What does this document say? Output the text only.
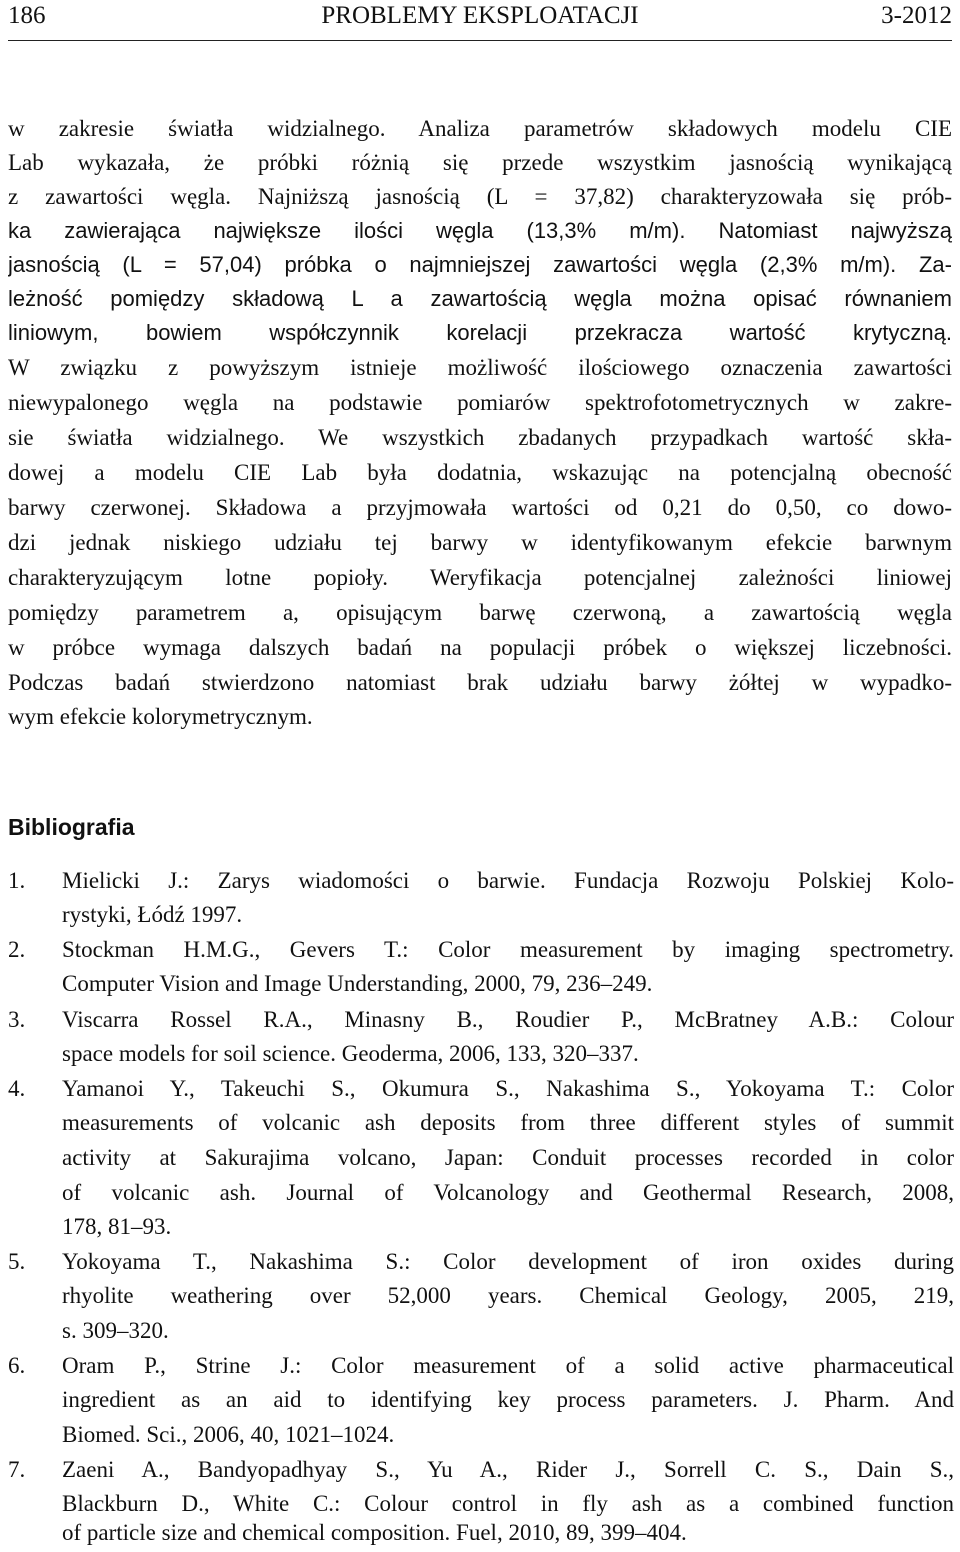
186	PROBLEMY EKSPLOATACJI	3-2012
w zakresie światła widzialnego. Analiza parametrów składowych modelu CIE
Lab wykazała, że próbki różnią się przede wszystkim jasnością wynikającą
z zawartości węgla. Najniższą jasnością (L = 37,82) charakteryzowała się prób-
ka zawierająca największe ilości węgla (13,3% m/m). Natomiast najwyższą
jasnością (L = 57,04) próbka o najmniejszej zawartości węgla (2,3% m/m). Za-
leżność pomiędzy składową L a zawartością węgla można opisać równaniem
liniowym, bowiem współczynnik korelacji przekracza wartość krytyczną.
W związku z powyższym istnieje możliwość ilościowego oznaczenia zawartości
niewypalonego węgla na podstawie pomiarów spektrofotometrycznych w zakre-
sie światła widzialnego. We wszystkich zbadanych przypadkach wartość skła-
dowej a modelu CIE Lab była dodatnia, wskazując na potencjalną obecność
barwy czerwonej. Składowa a przyjmowała wartości od 0,21 do 0,50, co dowo-
dzi jednak niskiego udziału tej barwy w identyfikowanym efekcie barwnym
charakteryzującym lotne popioły. Weryfikacja potencjalnej zależności liniowej
pomiędzy parametrem a, opisującym barwę czerwoną, a zawartością węgla
w próbce wymaga dalszych badań na populacji próbek o większej liczebności.
Podczas badań stwierdzono natomiast brak udziału barwy żółtej w wypadko-
wym efekcie kolorymetrycznym.
Bibliografia
1.	Mielicki J.: Zarys wiadomości o barwie. Fundacja Rozwoju Polskiej Kolo-
rystyki, Łódź 1997.
2.	Stockman H.M.G., Gevers T.: Color measurement by imaging spectrometry.
Computer Vision and Image Understanding, 2000, 79, 236–249.
3.	Viscarra Rossel R.A., Minasny B., Roudier P., McBratney A.B.: Colour
space models for soil science. Geoderma, 2006, 133, 320–337.
4.	Yamanoi Y., Takeuchi S., Okumura S., Nakashima S., Yokoyama T.: Color
measurements of volcanic ash deposits from three different styles of summit
activity at Sakurajima volcano, Japan: Conduit processes recorded in color
of volcanic ash. Journal of Volcanology and Geothermal Research, 2008,
178, 81–93.
5.	Yokoyama T., Nakashima S.: Color development of iron oxides during
rhyolite weathering over 52,000 years. Chemical Geology, 2005, 219,
s. 309–320.
6.	Oram P., Strine J.: Color measurement of a solid active pharmaceutical
ingredient as an aid to identifying key process parameters. J. Pharm. And
Biomed. Sci., 2006, 40, 1021–1024.
7.	Zaeni A., Bandyopadhyay S., Yu A., Rider J., Sorrell C. S., Dain S.,
Blackburn D., White C.: Colour control in fly ash as a combined function
of particle size and chemical composition. Fuel, 2010, 89, 399–404.
